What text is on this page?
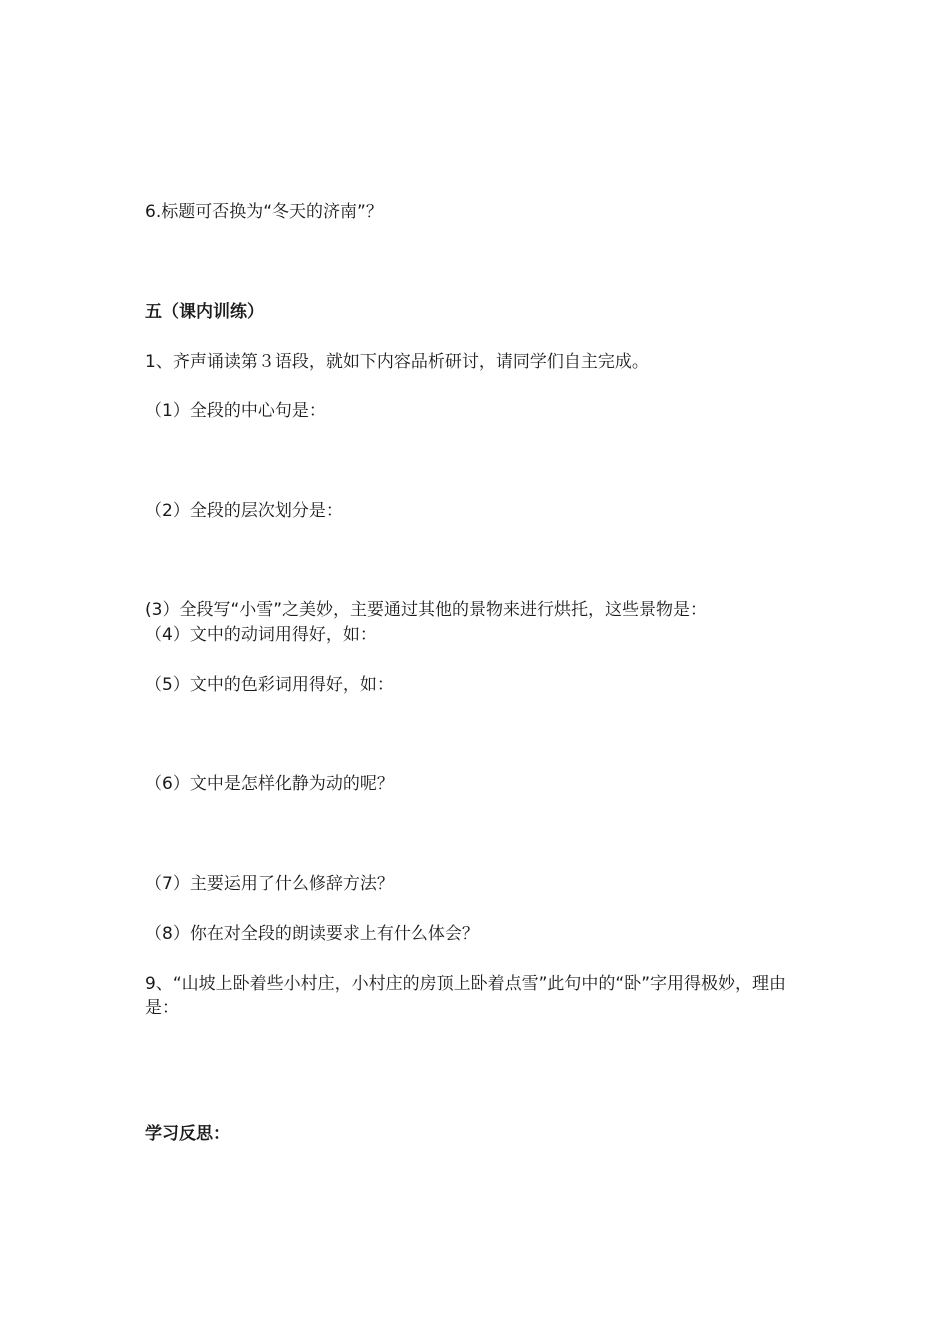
6.标题可否换为“冬天的济南”？

五（课内训练）

1、齐声诵读第３语段，就如下内容品析研讨，请同学们自主完成。

（1）全段的中心句是：

（2）全段的层次划分是：

(3）全段写“小雪”之美妙，主要通过其他的景物来进行烘托，这些景物是：

（4）文中的动词用得好，如：

（5）文中的色彩词用得好，如：

（6）文中是怎样化静为动的呢？

（7）主要运用了什么修辞方法？

（8）你在对全段的朗读要求上有什么体会？

9、“山坡上卧着些小村庄，小村庄的房顶上卧着点雪”此句中的“卧”字用得极妙，理由是：

学习反思：
